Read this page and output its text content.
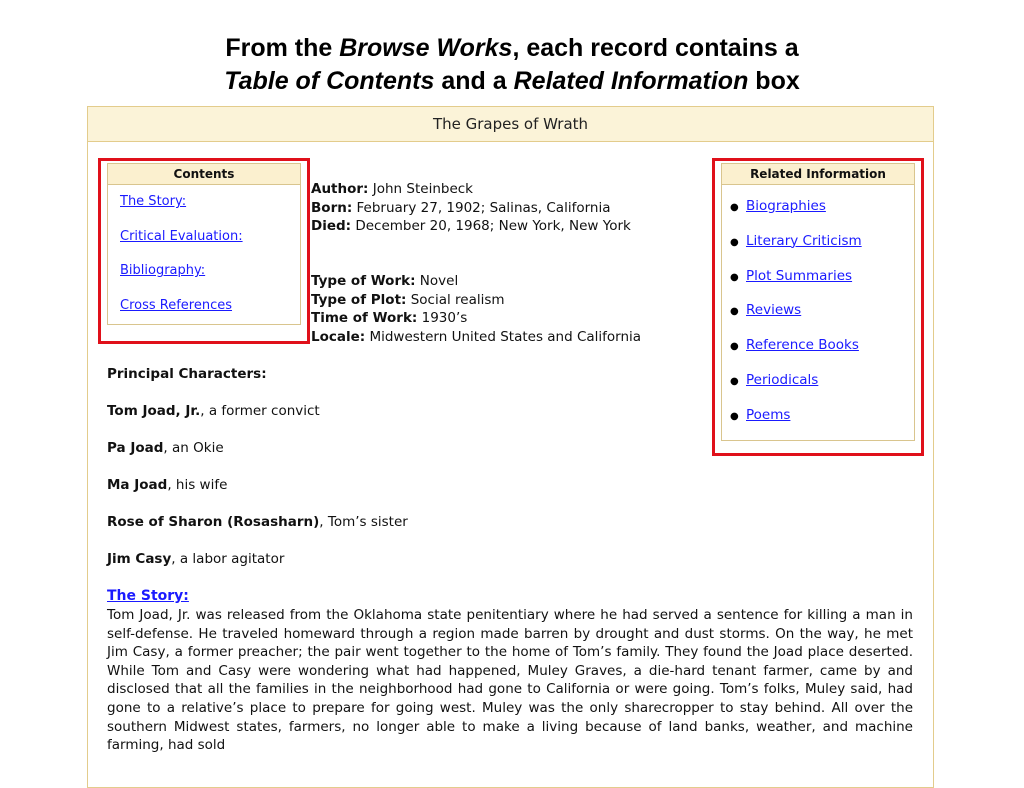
From the Browse Works, each record contains a
Table of Contents and a Related Information box
The Grapes of Wrath
Contents
The Story:
Critical Evaluation:
Bibliography:
Cross References
Related Information
● Biographies
● Literary Criticism
● Plot Summaries
● Reviews
● Reference Books
● Periodicals
● Poems
Author: John Steinbeck
Born: February 27, 1902; Salinas, California
Died: December 20, 1968; New York, New York
Type of Work: Novel
Type of Plot: Social realism
Time of Work: 1930’s
Locale: Midwestern United States and California
Principal Characters:
Tom Joad, Jr., a former convict
Pa Joad, an Okie
Ma Joad, his wife
Rose of Sharon (Rosasharn), Tom’s sister
Jim Casy, a labor agitator
The Story:
Tom Joad, Jr. was released from the Oklahoma state penitentiary where he had served a sentence for killing a man in self-defense. He traveled homeward through a region made barren by drought and dust storms. On the way, he met Jim Casy, a former preacher; the pair went together to the home of Tom’s family. They found the Joad place deserted. While Tom and Casy were wondering what had happened, Muley Graves, a die-hard tenant farmer, came by and disclosed that all the families in the neighborhood had gone to California or were going. Tom’s folks, Muley said, had gone to a relative’s place to prepare for going west. Muley was the only sharecropper to stay behind. All over the southern Midwest states, farmers, no longer able to make a living because of land banks, weather, and machine farming, had sold
